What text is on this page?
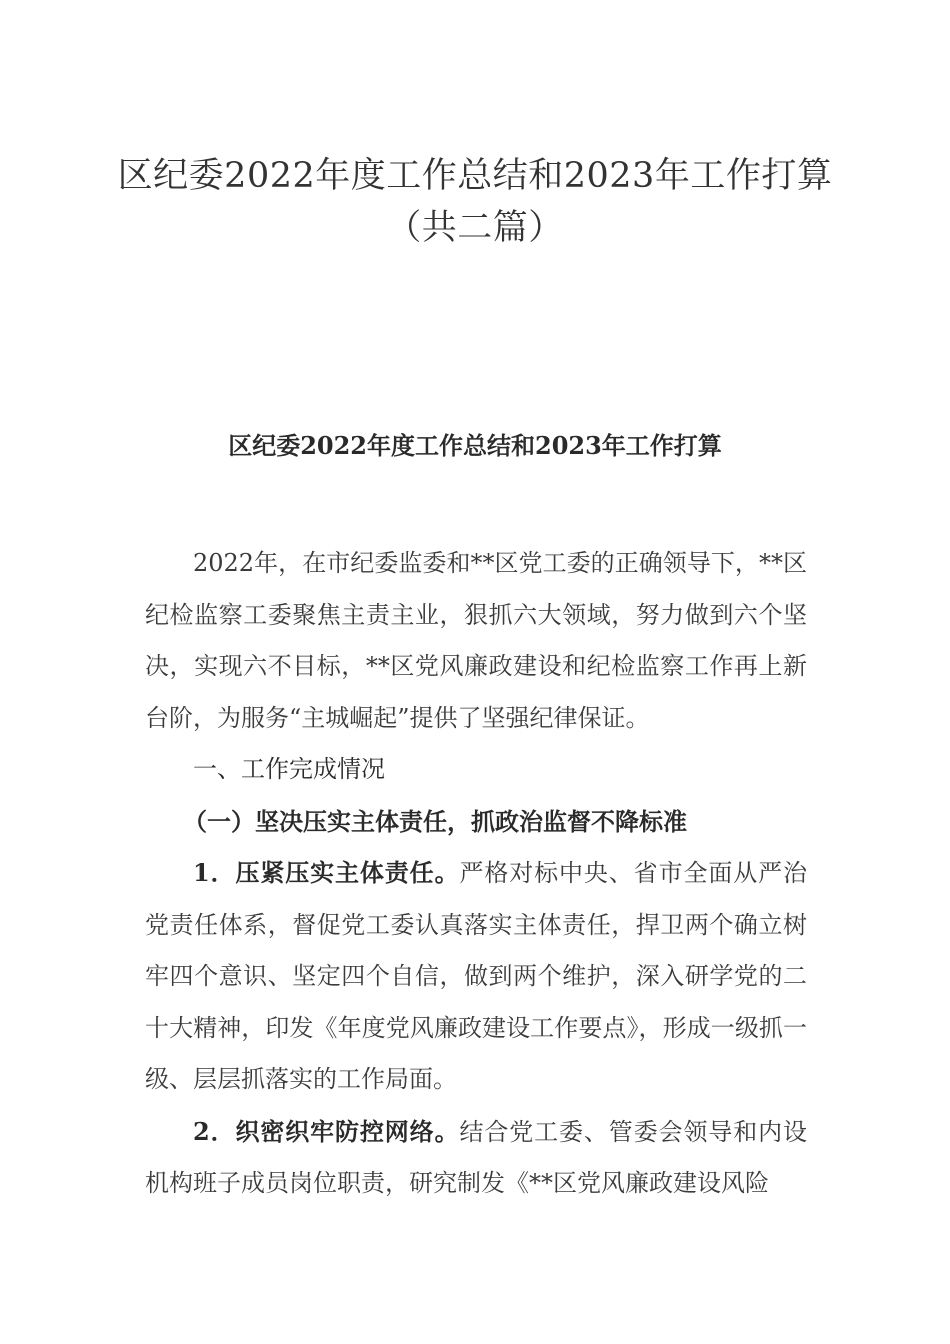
区纪委2022年度工作总结和2023年工作打算
（共二篇）
区纪委2022年度工作总结和2023年工作打算

2022年，在市纪委监委和**区党工委的正确领导下，**区纪检监察工委聚焦主责主业，狠抓六大领域，努力做到六个坚决，实现六不目标，**区党风廉政建设和纪检监察工作再上新台阶，为服务“主城崛起”提供了坚强纪律保证。

一、工作完成情况

（一）坚决压实主体责任，抓政治监督不降标准

1．压紧压实主体责任。严格对标中央、省市全面从严治党责任体系，督促党工委认真落实主体责任，捍卫两个确立树牢四个意识、坚定四个自信，做到两个维护，深入研学党的二十大精神，印发《年度党风廉政建设工作要点》，形成一级抓一级、层层抓落实的工作局面。

2．织密织牢防控网络。结合党工委、管委会领导和内设机构班子成员岗位职责，研究制发《**区党风廉政建设风险
